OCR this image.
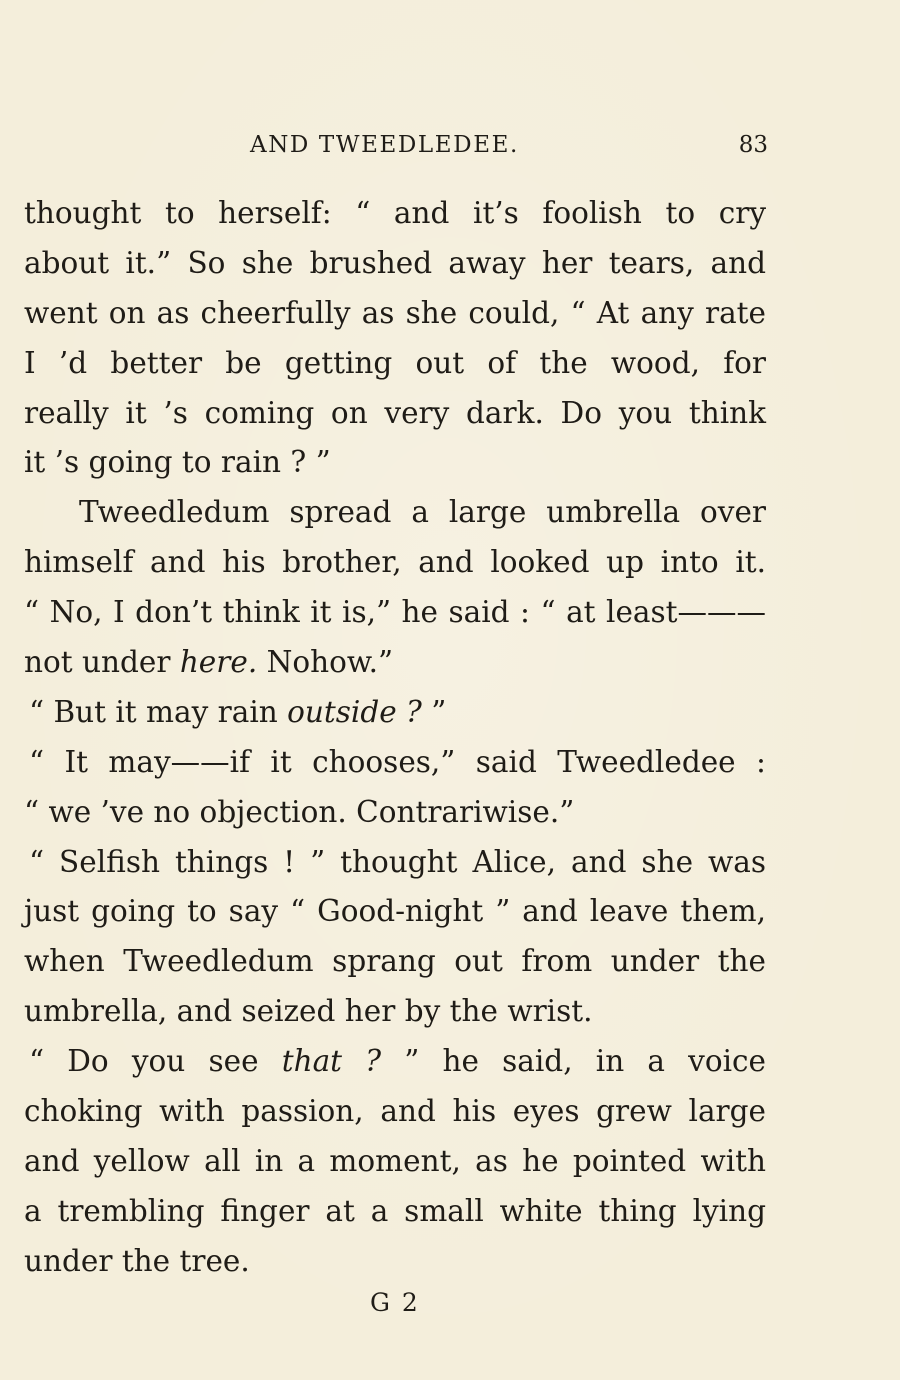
AND TWEEDLEDEE.	83
thought to herself: “ and it’s foolish to cry
about it.” So she brushed away her tears, and
went on as cheerfully as she could, “ At any rate
I ’d better be getting out of the wood, for
really it ’s coming on very dark. Do you think
it ’s going to rain ? ”
Tweedledum spread a large umbrella over
himself and his brother, and looked up into it.
“ No, I don’t think it is,” he said : “ at least———
not under here. Nohow.”
“ But it may rain outside ? ”
“ It may——if it chooses,” said Tweedledee :
“ we ’ve no objection. Contrariwise.”
“ Selfish things ! ” thought Alice, and she was
just going to say “ Good-night ” and leave them,
when Tweedledum sprang out from under the
umbrella, and seized her by the wrist.
“ Do you see that ? ” he said, in a voice
choking with passion, and his eyes grew large
and yellow all in a moment, as he pointed with
a trembling finger at a small white thing lying
under the tree.
G 2
